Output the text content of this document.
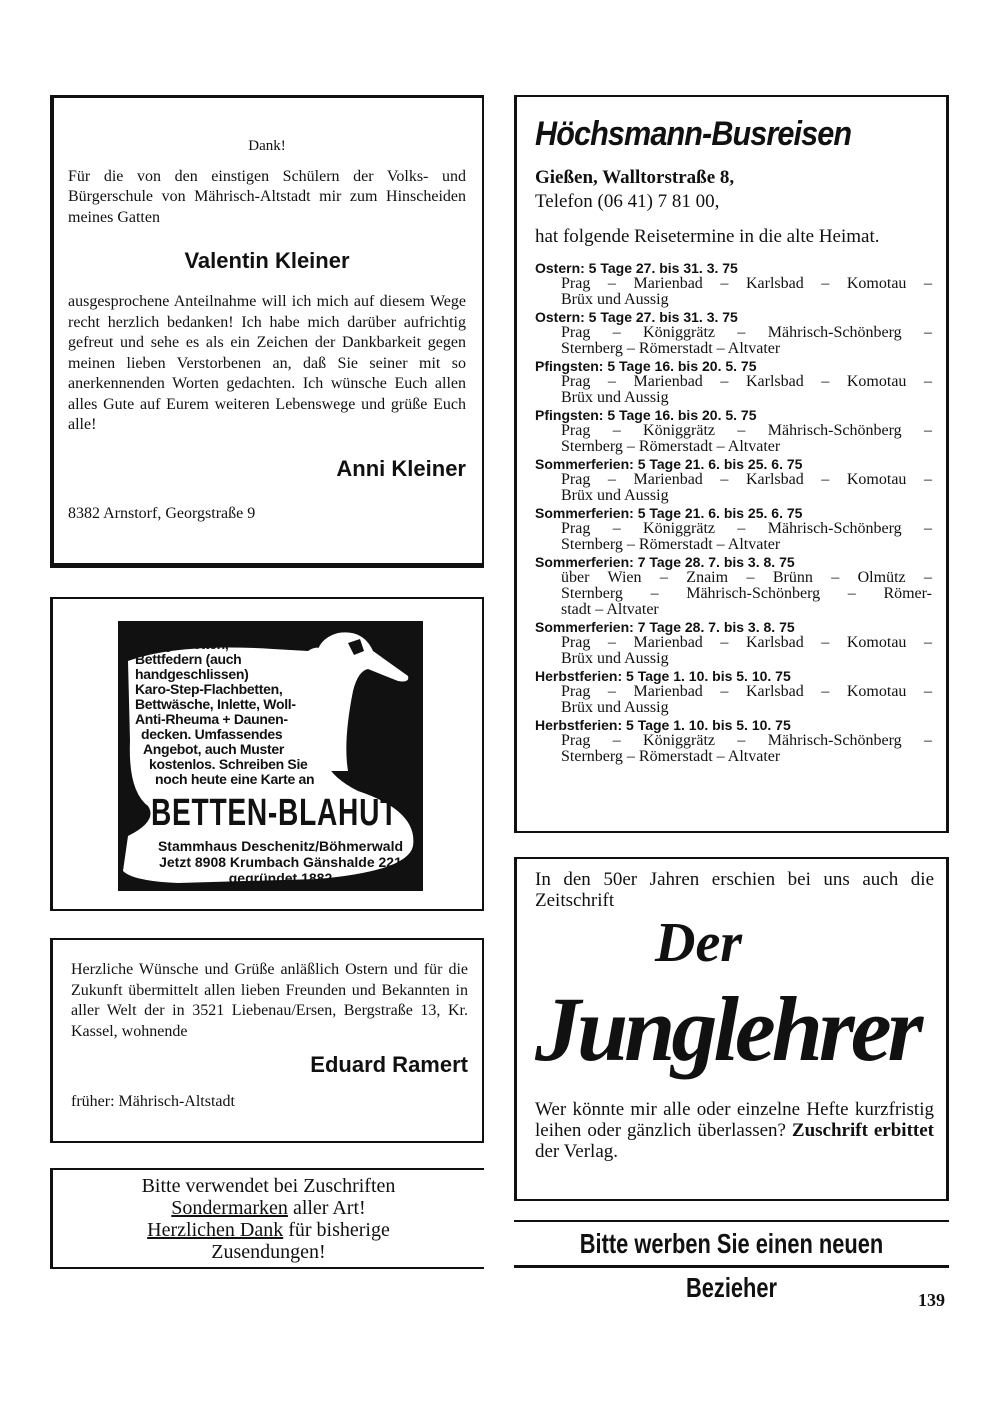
Dank!
Für die von den einstigen Schülern der Volks- und Bürgerschule von Mährisch-Altstadt mir zum Hinscheiden meines Gatten
Valentin Kleiner
ausgesprochene Anteilnahme will ich mich auf diesem Wege recht herzlich bedanken! Ich habe mich darüber aufrichtig gefreut und sehe es als ein Zeichen der Dankbarkeit gegen meinen lieben Verstorbenen an, daß Sie seiner mit so anerkennenden Worten gedachten. Ich wünsche Euch allen alles Gute auf Eurem weiteren Lebenswege und grüße Euch alle!
Anni Kleiner
8382 Arnstorf, Georgstraße 9
Fertige Betten,
Bettfedern (auch
handgeschlissen)
Karo-Step-Flachbetten,
Bettwäsche, Inlette, Woll-
Anti-Rheuma + Daunen-
decken. Umfassendes
Angebot, auch Muster
kostenlos. Schreiben Sie
noch heute eine Karte an
BETTEN-BLAHUT
Stammhaus Deschenitz/Böhmerwald
Jetzt 8908 Krumbach Gänshalde 221
gegründet 1882
Herzliche Wünsche und Grüße anläßlich Ostern und für die Zukunft übermittelt allen lieben Freunden und Bekannten in aller Welt der in 3521 Liebenau/Ersen, Bergstraße 13, Kr. Kassel, wohnende
Eduard Ramert
früher: Mährisch-Altstadt
Bitte verwendet bei Zuschriften
Sondermarken aller Art!
Herzlichen Dank für bisherige
Zusendungen!
Höchsmann-Busreisen
Gießen, Walltorstraße 8,
Telefon (06 41) 7 81 00,
hat folgende Reisetermine in die alte Heimat.
Ostern: 5 Tage 27. bis 31. 3. 75
Prag – Marienbad – Karlsbad – Komotau –
Brüx und Aussig
Ostern: 5 Tage 27. bis 31. 3. 75
Prag – Königgrätz – Mährisch-Schönberg –
Sternberg – Römerstadt – Altvater
Pfingsten: 5 Tage 16. bis 20. 5. 75
Prag – Marienbad – Karlsbad – Komotau –
Brüx und Aussig
Pfingsten: 5 Tage 16. bis 20. 5. 75
Prag – Königgrätz – Mährisch-Schönberg –
Sternberg – Römerstadt – Altvater
Sommerferien: 5 Tage 21. 6. bis 25. 6. 75
Prag – Marienbad – Karlsbad – Komotau –
Brüx und Aussig
Sommerferien: 5 Tage 21. 6. bis 25. 6. 75
Prag – Königgrätz – Mährisch-Schönberg –
Sternberg – Römerstadt – Altvater
Sommerferien: 7 Tage 28. 7. bis 3. 8. 75
über Wien – Znaim – Brünn – Olmütz –
Sternberg – Mährisch-Schönberg – Römer-
stadt – Altvater
Sommerferien: 7 Tage 28. 7. bis 3. 8. 75
Prag – Marienbad – Karlsbad – Komotau –
Brüx und Aussig
Herbstferien: 5 Tage 1. 10. bis 5. 10. 75
Prag – Marienbad – Karlsbad – Komotau –
Brüx und Aussig
Herbstferien: 5 Tage 1. 10. bis 5. 10. 75
Prag – Königgrätz – Mährisch-Schönberg –
Sternberg – Römerstadt – Altvater
In den 50er Jahren erschien bei uns auch die Zeitschrift
Der
Junglehrer
Wer könnte mir alle oder einzelne Hefte kurzfristig leihen oder gänzlich überlassen? Zuschrift erbittet der Verlag.
Bitte werben Sie einen neuen Bezieher	139
